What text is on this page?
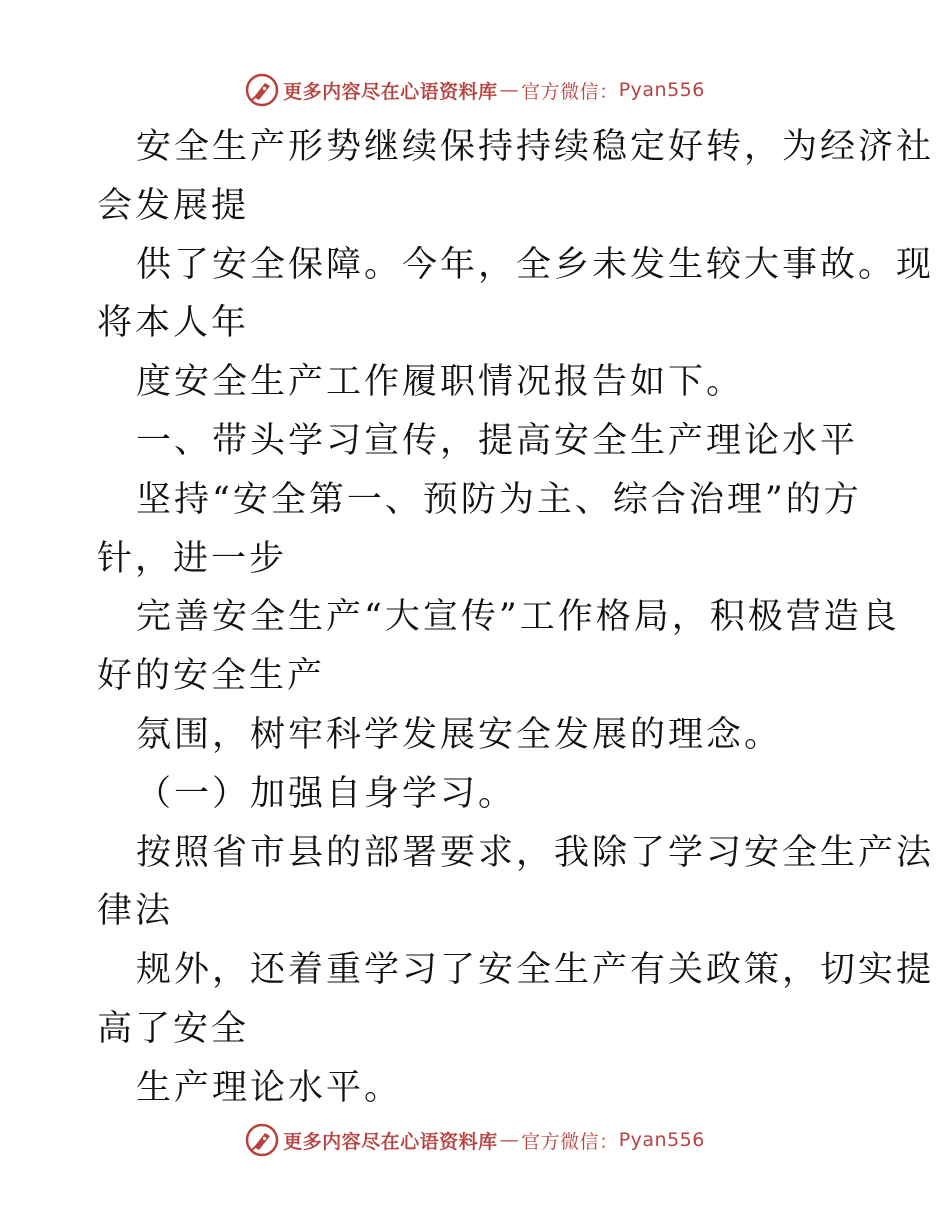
更多内容尽在心语资料库 — 官方微信： Pyan556
安全生产形势继续保持持续稳定好转，为经济社
会发展提
供了安全保障。今年，全乡未发生较大事故。现
将本人年
度安全生产工作履职情况报告如下。
一、带头学习宣传，提高安全生产理论水平
坚持“安全第一、预防为主、综合治理”的方
针，进一步
完善安全生产“大宣传”工作格局，积极营造良
好的安全生产
氛围，树牢科学发展安全发展的理念。
（一）加强自身学习。
按照省市县的部署要求，我除了学习安全生产法
律法
规外，还着重学习了安全生产有关政策，切实提
高了安全
生产理论水平。
更多内容尽在心语资料库 — 官方微信： Pyan556
